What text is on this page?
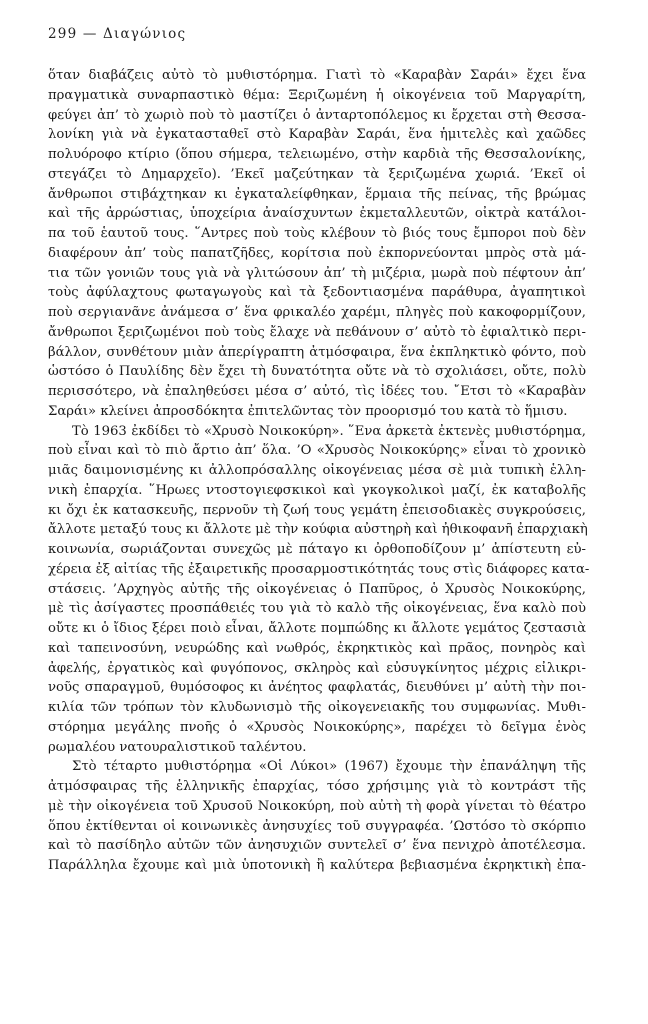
299 — Διαγώνιος
ὅταν διαβάζεις αὐτὸ τὸ μυθιστόρημα. Γιατὶ τὸ «Καραβὰν Σαράι» ἔχει ἕνα
πραγματικὰ συναρπαστικὸ θέμα: Ξεριζωμένη ἡ οἰκογένεια τοῦ Μαργαρίτη,
φεύγει ἀπ’ τὸ χωριὸ ποὺ τὸ μαστίζει ὁ ἀνταρτοπόλεμος κι ἔρχεται στὴ Θεσσα-
λονίκη γιὰ νὰ ἐγκατασταθεῖ στὸ Καραβὰν Σαράι, ἕνα ἡμιτελὲς καὶ χαῶδες
πολυόροφο κτίριο (ὅπου σήμερα, τελειωμένο, στὴν καρδιὰ τῆς Θεσσαλονίκης,
στεγάζει τὸ Δημαρχεῖο). ’Εκεῖ μαζεύτηκαν τὰ ξεριζωμένα χωριά. ’Εκεῖ οἱ
ἄνθρωποι στιβάχτηκαν κι ἐγκαταλείφθηκαν, ἕρμαια τῆς πείνας, τῆς βρώμας
καὶ τῆς ἀρρώστιας, ὑποχείρια ἀναίσχυντων ἐκμεταλλευτῶν, οἰκτρὰ κατάλοι-
πα τοῦ ἑαυτοῦ τους. ῞Αντρες ποὺ τοὺς κλέβουν τὸ βιός τους ἔμποροι ποὺ δὲν
διαφέρουν ἀπ’ τοὺς παπατζῆδες, κορίτσια ποὺ ἐκπορνεύονται μπρὸς στὰ μά-
τια τῶν γονιῶν τους γιὰ νὰ γλιτώσουν ἀπ’ τὴ μιζέρια, μωρὰ ποὺ πέφτουν ἀπ’
τοὺς ἀφύλαχτους φωταγωγοὺς καὶ τὰ ξεδοντιασμένα παράθυρα, ἀγαπητικοὶ
ποὺ σεργιανᾶνε ἀνάμεσα σ’ ἕνα φρικαλέο χαρέμι, πληγὲς ποὺ κακοφορμίζουν,
ἄνθρωποι ξεριζωμένοι ποὺ τοὺς ἔλαχε νὰ πεθάνουν σ’ αὐτὸ τὸ ἐφιαλτικὸ περι-
βάλλον, συνθέτουν μιὰν ἀπερίγραπτη ἀτμόσφαιρα, ἕνα ἐκπληκτικὸ φόντο, ποὺ
ὡστόσο ὁ Παυλίδης δὲν ἔχει τὴ δυνατότητα οὔτε νὰ τὸ σχολιάσει, οὔτε, πολὺ
περισσότερο, νὰ ἐπαληθεύσει μέσα σ’ αὐτό, τὶς ἰδέες του. ῎Ετσι τὸ «Καραβὰν
Σαράι» κλείνει ἀπροσδόκητα ἐπιτελῶντας τὸν προορισμό του κατὰ τὸ ἥμισυ.
Τὸ 1963 ἐκδίδει τὸ «Χρυσὸ Νοικοκύρη». ῞Ενα ἀρκετὰ ἐκτενὲς μυθιστόρημα,
ποὺ εἶναι καὶ τὸ πιὸ ἄρτιο ἀπ’ ὅλα. ’Ο «Χρυσὸς Νοικοκύρης» εἶναι τὸ χρονικὸ
μιᾶς δαιμονισμένης κι ἀλλοπρόσαλλης οἰκογένειας μέσα σὲ μιὰ τυπικὴ ἑλλη-
νικὴ ἐπαρχία. ῞Ηρωες ντοστογιεφσκικοὶ καὶ γκογκολικοὶ μαζί, ἐκ καταβολῆς
κι ὄχι ἐκ κατασκευῆς, περνοῦν τὴ ζωή τους γεμάτη ἐπεισοδιακὲς συγκρούσεις,
ἄλλοτε μεταξύ τους κι ἄλλοτε μὲ τὴν κούφια αὐστηρὴ καὶ ἠθικοφανῆ ἐπαρχιακὴ
κοινωνία, σωριάζονται συνεχῶς μὲ πάταγο κι ὀρθοποδίζουν μ’ ἀπίστευτη εὐ-
χέρεια ἐξ αἰτίας τῆς ἐξαιρετικῆς προσαρμοστικότητάς τους στὶς διάφορες κατα-
στάσεις. ’Αρχηγὸς αὐτῆς τῆς οἰκογένειας ὁ Παπῦρος, ὁ Χρυσὸς Νοικοκύρης,
μὲ τὶς ἀσίγαστες προσπάθειές του γιὰ τὸ καλὸ τῆς οἰκογένειας, ἕνα καλὸ ποὺ
οὔτε κι ὁ ἴδιος ξέρει ποιὸ εἶναι, ἄλλοτε πομπώδης κι ἄλλοτε γεμάτος ζεστασιὰ
καὶ ταπεινοσύνη, νευρώδης καὶ νωθρός, ἐκρηκτικὸς καὶ πρᾶος, πονηρὸς καὶ
ἀφελής, ἐργατικὸς καὶ φυγόπονος, σκληρὸς καὶ εὐσυγκίνητος μέχρις εἰλικρι-
νοῦς σπαραγμοῦ, θυμόσοφος κι ἀνέητος φαφλατάς, διευθύνει μ’ αὐτὴ τὴν ποι-
κιλία τῶν τρόπων τὸν κλυδωνισμὸ τῆς οἰκογενειακῆς του συμφωνίας. Μυθι-
στόρημα μεγάλης πνοῆς ὁ «Χρυσὸς Νοικοκύρης», παρέχει τὸ δεῖγμα ἑνὸς
ρωμαλέου νατουραλιστικοῦ ταλέντου.
Στὸ τέταρτο μυθιστόρημα «Οἱ Λύκοι» (1967) ἔχουμε τὴν ἐπανάληψη τῆς
ἀτμόσφαιρας τῆς ἑλληνικῆς ἐπαρχίας, τόσο χρήσιμης γιὰ τὸ κοντράστ τῆς
μὲ τὴν οἰκογένεια τοῦ Χρυσοῦ Νοικοκύρη, ποὺ αὐτὴ τὴ φορὰ γίνεται τὸ θέατρο
ὅπου ἐκτίθενται οἱ κοινωνικὲς ἀνησυχίες τοῦ συγγραφέα. ’Ωστόσο τὸ σκόρπιο
καὶ τὸ πασίδηλο αὐτῶν τῶν ἀνησυχιῶν συντελεῖ σ’ ἕνα πενιχρὸ ἀποτέλεσμα.
Παράλληλα ἔχουμε καὶ μιὰ ὑποτονικὴ ἢ καλύτερα βεβιασμένα ἐκρηκτικὴ ἐπα-
